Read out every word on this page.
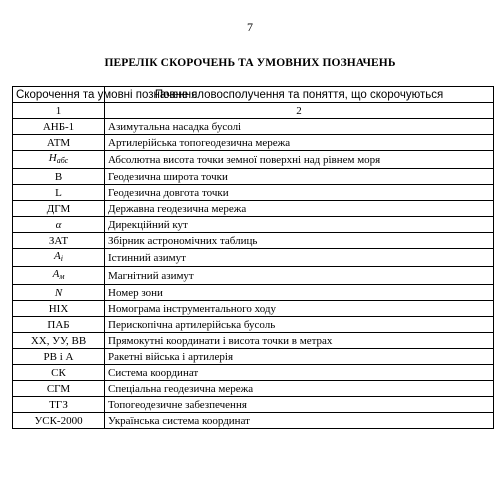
7
ПЕРЕЛІК СКОРОЧЕНЬ ТА УМОВНИХ ПОЗНАЧЕНЬ
Скорочення та умовні позначення	Повне словосполучення та поняття, що скорочуються
1	2
АНБ-1	Азимутальна насадка бусолі
АТМ	Артилерійська топогеодезична мережа
$H_{абс}$	Абсолютна висота точки земної поверхні над рівнем моря
B	Геодезична широта точки
L	Геодезична довгота точки
ДГМ	Державна геодезична мережа
α	Дирекційний кут
ЗАТ	Збірник астрономічних таблиць
$A_і$	Істинний азимут
$A_м$	Магнітний азимут
N	Номер зони
НІХ	Номограма інструментального ходу
ПАБ	Перископічна артилерійська бусоль
ХХ, УУ, ВВ	Прямокутні координати і висота точки в метрах
РВ і А	Ракетні війська і артилерія
СК	Система координат
СГМ	Спеціальна геодезична мережа
ТГЗ	Топогеодезичне забезпечення
УСК-2000	Українська система координат
